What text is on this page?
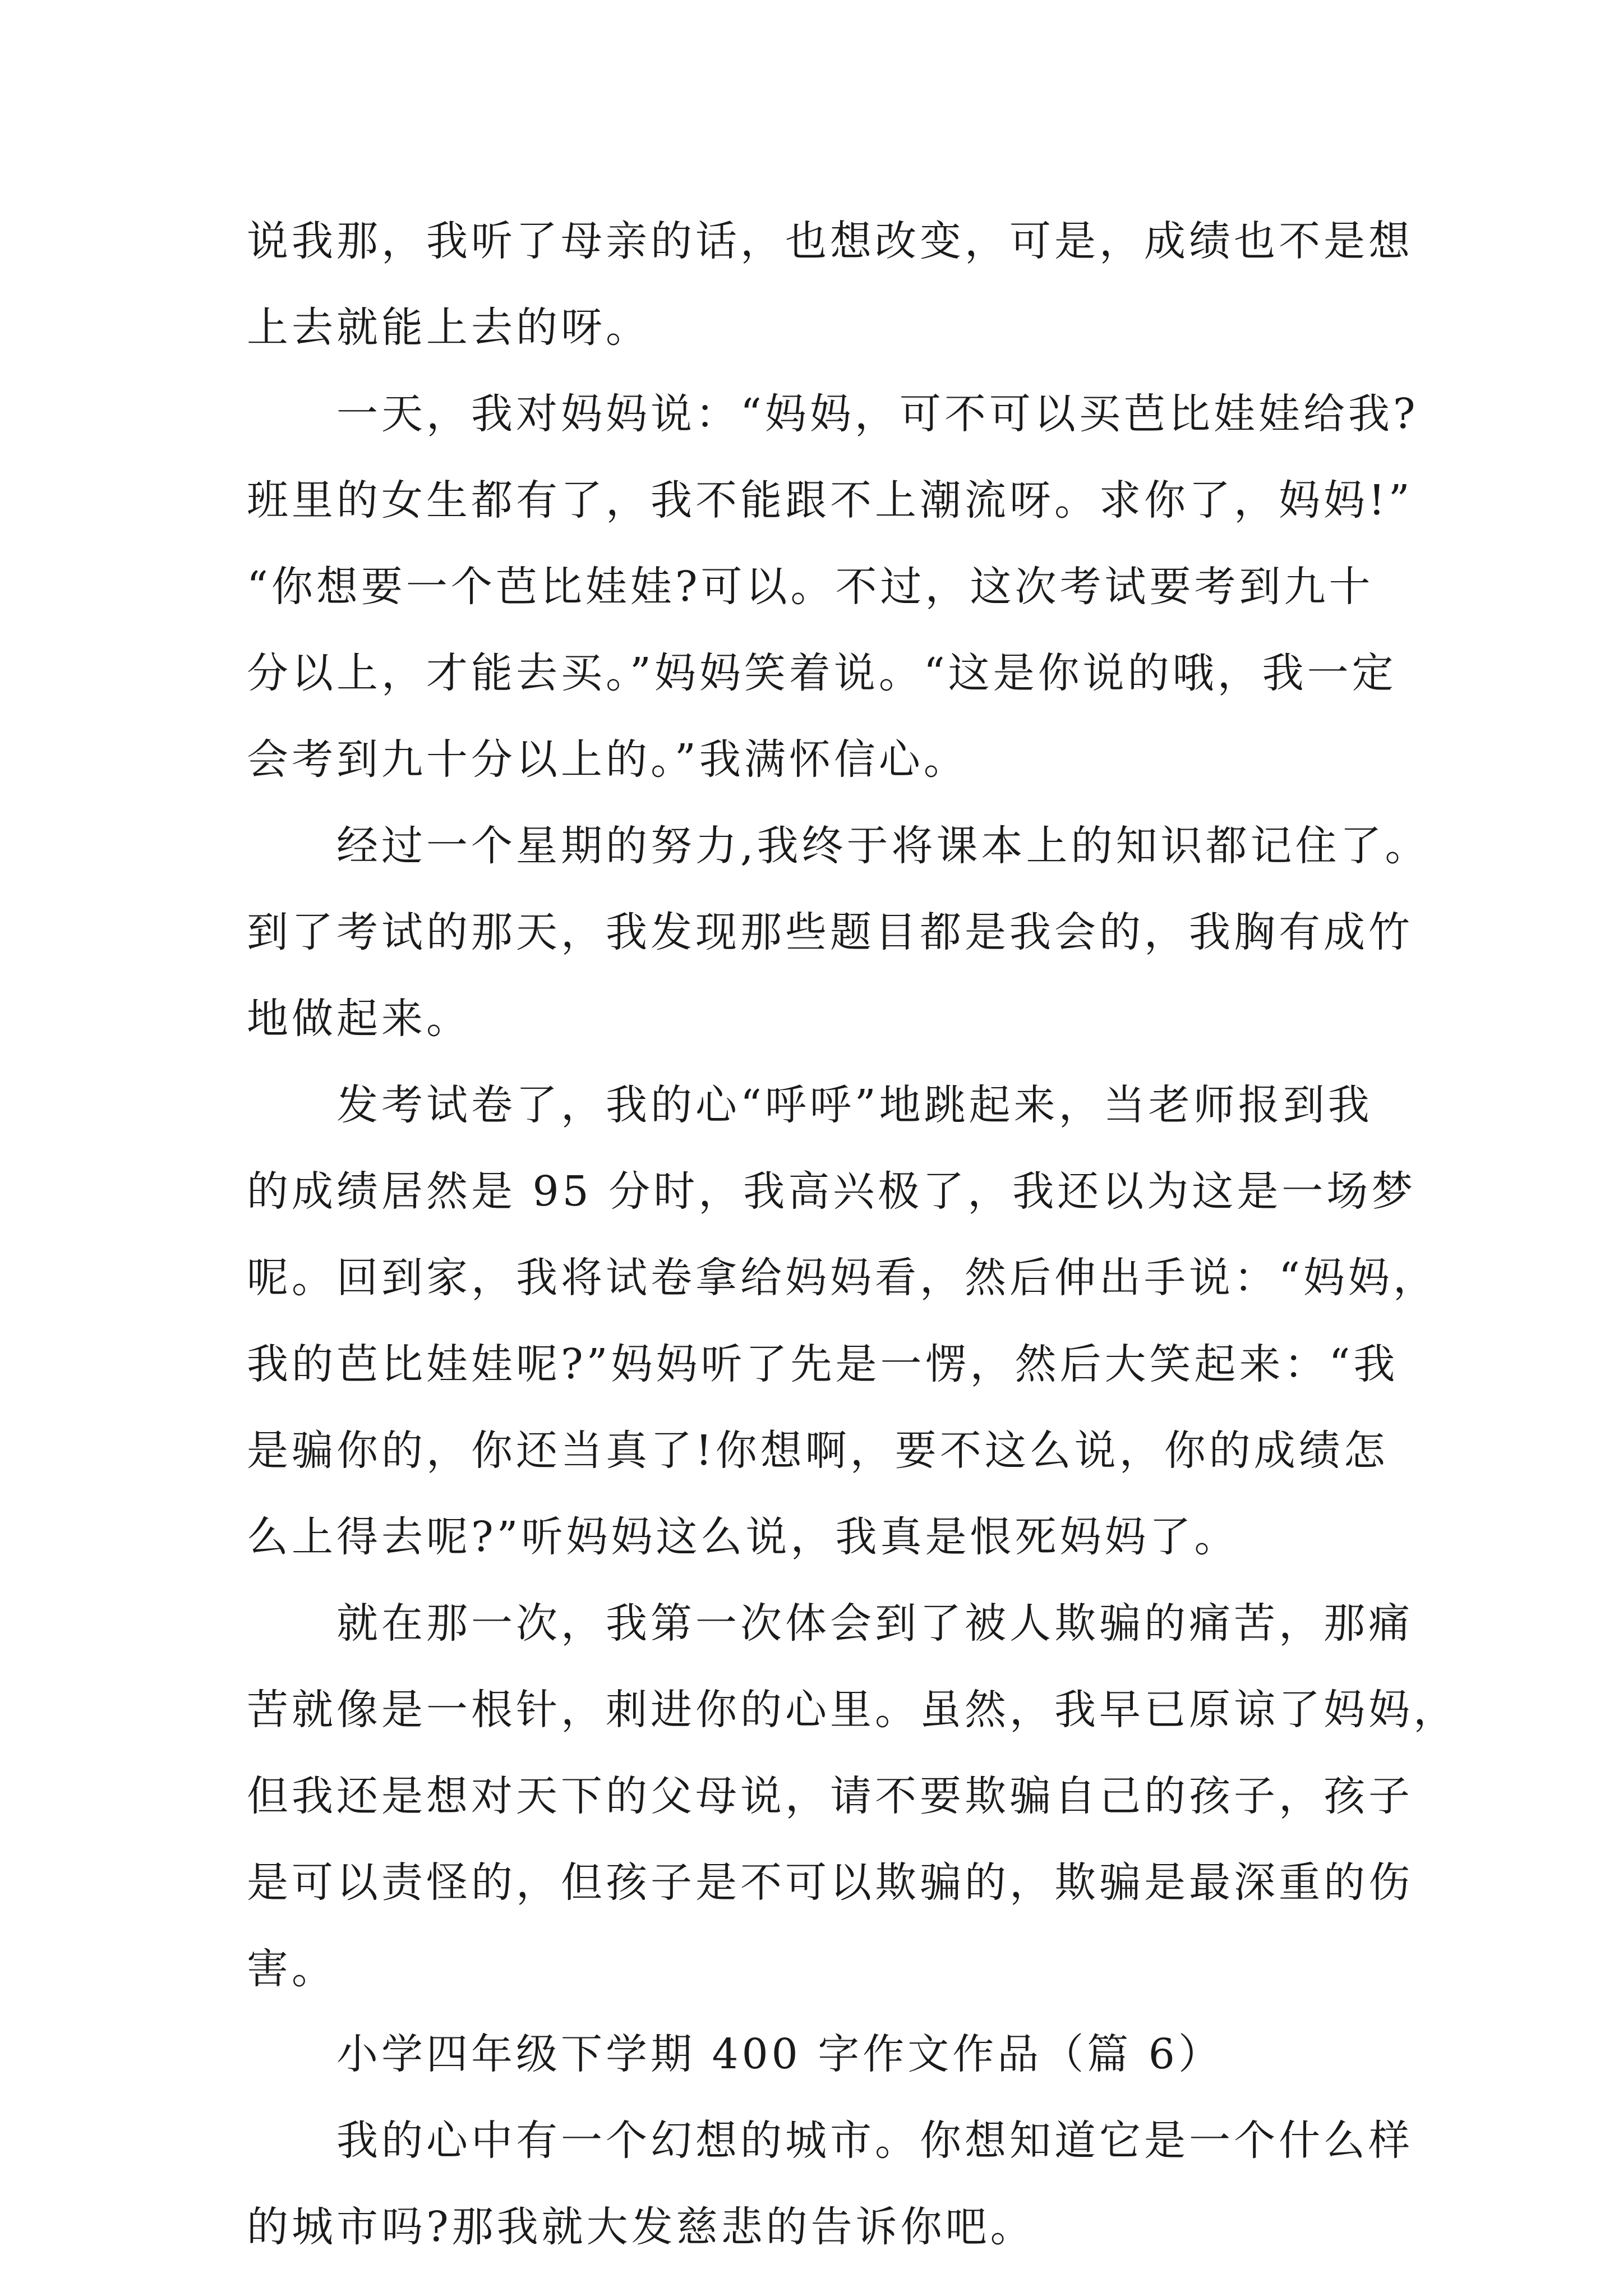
说我那，我听了母亲的话，也想改变，可是，成绩也不是想
上去就能上去的呀。
一天，我对妈妈说：“妈妈，可不可以买芭比娃娃给我?
班里的女生都有了，我不能跟不上潮流呀。求你了，妈妈!”
“你想要一个芭比娃娃?可以。不过，这次考试要考到九十
分以上，才能去买。”妈妈笑着说。“这是你说的哦，我一定
会考到九十分以上的。”我满怀信心。
经过一个星期的努力,我终于将课本上的知识都记住了。
到了考试的那天，我发现那些题目都是我会的，我胸有成竹
地做起来。
发考试卷了，我的心“呼呼”地跳起来，当老师报到我
的成绩居然是 95 分时，我高兴极了，我还以为这是一场梦
呢。回到家，我将试卷拿给妈妈看，然后伸出手说：“妈妈，
我的芭比娃娃呢?”妈妈听了先是一愣，然后大笑起来：“我
是骗你的，你还当真了!你想啊，要不这么说，你的成绩怎
么上得去呢?”听妈妈这么说，我真是恨死妈妈了。
就在那一次，我第一次体会到了被人欺骗的痛苦，那痛
苦就像是一根针，刺进你的心里。虽然，我早已原谅了妈妈，
但我还是想对天下的父母说，请不要欺骗自己的孩子，孩子
是可以责怪的，但孩子是不可以欺骗的，欺骗是最深重的伤
害。
小学四年级下学期 400 字作文作品（篇 6）
我的心中有一个幻想的城市。你想知道它是一个什么样
的城市吗?那我就大发慈悲的告诉你吧。
